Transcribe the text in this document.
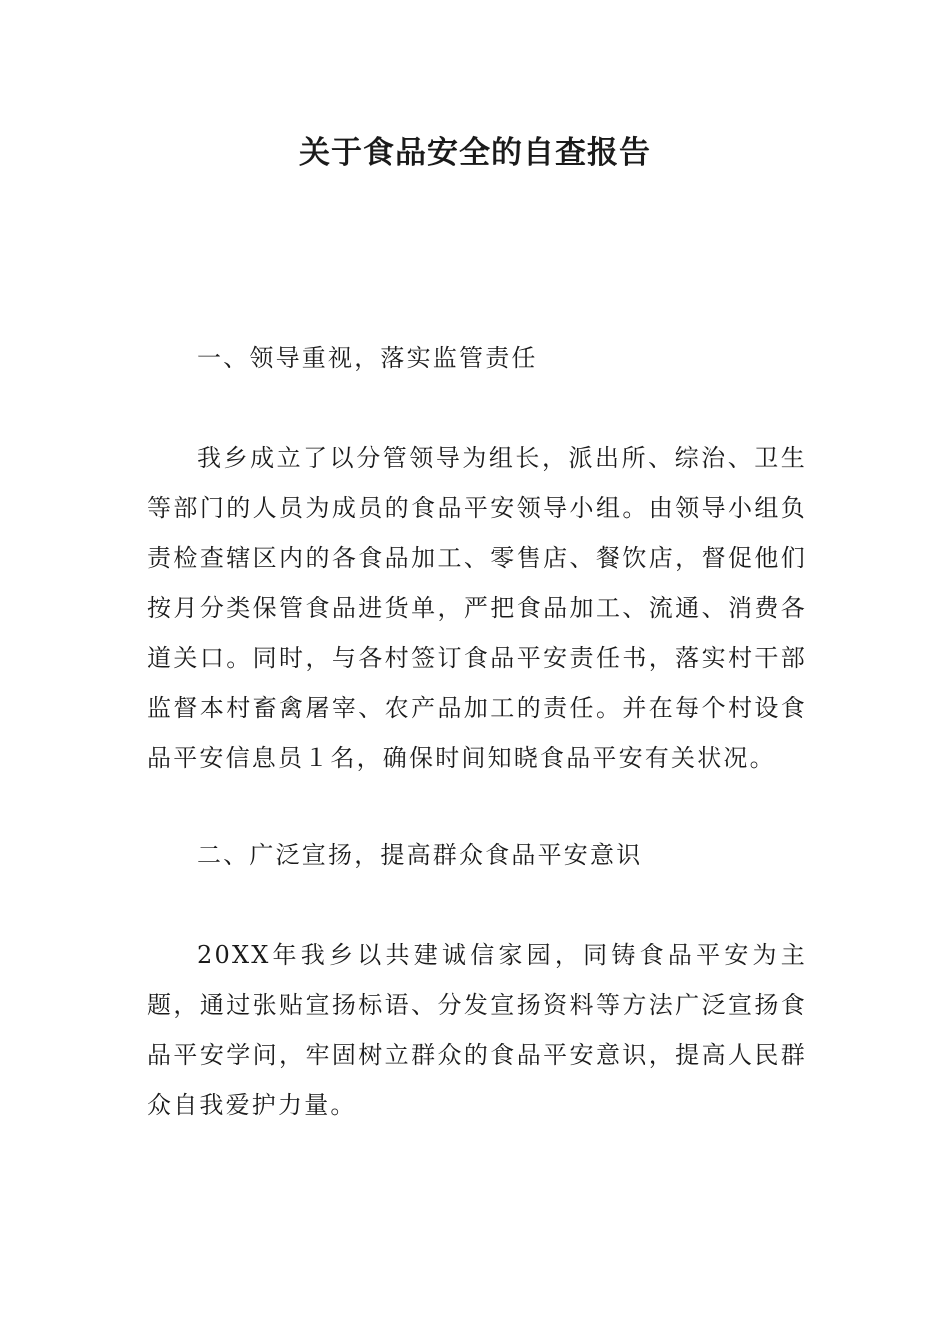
关于食品安全的自查报告

一、领导重视，落实监管责任

我乡成立了以分管领导为组长，派出所、综治、卫生等部门的人员为成员的食品平安领导小组。由领导小组负责检查辖区内的各食品加工、零售店、餐饮店，督促他们按月分类保管食品进货单，严把食品加工、流通、消费各道关口。同时，与各村签订食品平安责任书，落实村干部监督本村畜禽屠宰、农产品加工的责任。并在每个村设食品平安信息员１名，确保时间知晓食品平安有关状况。

二、广泛宣扬，提高群众食品平安意识

20XX年我乡以共建诚信家园，同铸食品平安为主题，通过张贴宣扬标语、分发宣扬资料等方法广泛宣扬食品平安学问，牢固树立群众的食品平安意识，提高人民群众自我爱护力量。
